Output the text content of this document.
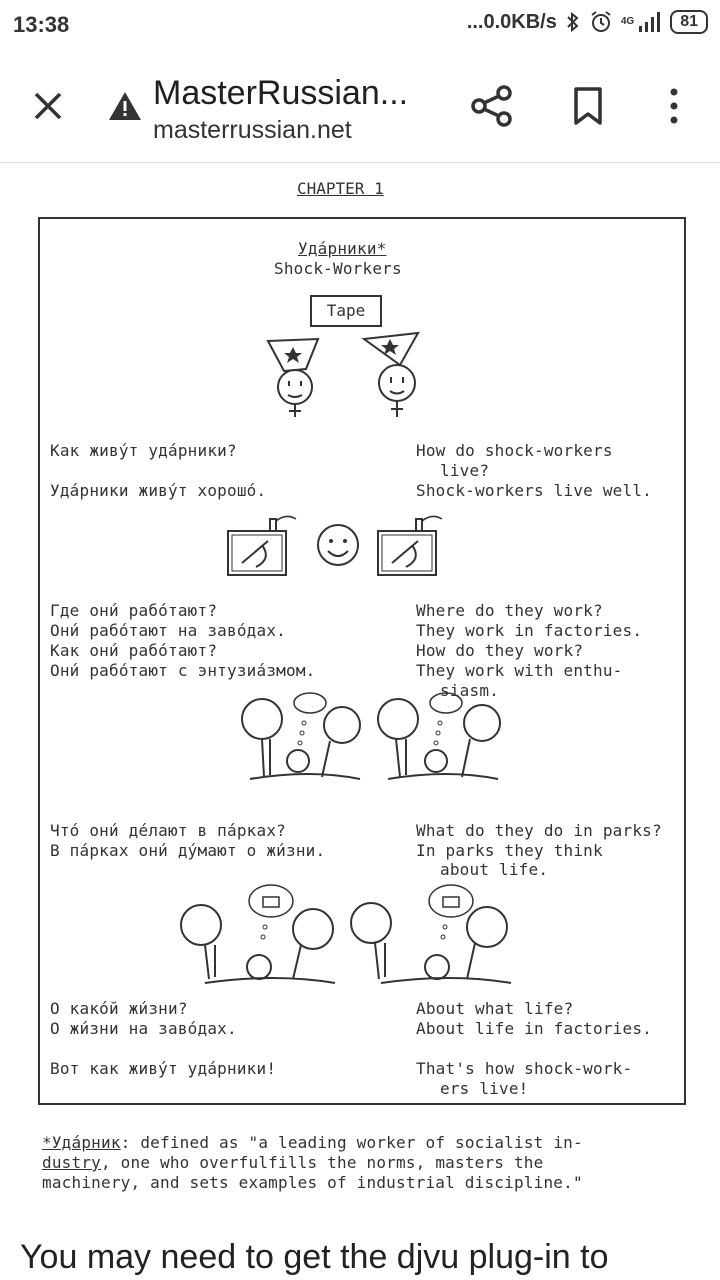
13:38	...0.0KB/s	4G	81
MasterRussian...
masterrussian.net
CHAPTER 1
Уда́рники*
Shock-Workers
Tape
Как живу́т уда́рники?	How do shock-workers
live?
Уда́рники живу́т хорошо́.	Shock-workers live well.
Где они́ рабо́тают?	Where do they work?
Они́ рабо́тают на заво́дах.	They work in factories.
Как они́ рабо́тают?	How do they work?
Они́ рабо́тают с энтузиа́змом.	They work with enthu-
siasm.
Что́ они́ де́лают в па́рках?	What do they do in parks?
В па́рках они́ ду́мают о жи́зни.	In parks they think
about life.
О како́й жи́зни?	About what life?
О жи́зни на заво́дах.	About life in factories.
Вот как живу́т уда́рники!	That's how shock-work-
ers live!
*Уда́рник: defined as "a leading worker of socialist in-
dustry, one who overfulfills the norms, masters the
machinery, and sets examples of industrial discipline."
You may need to get the djvu plug-in to
